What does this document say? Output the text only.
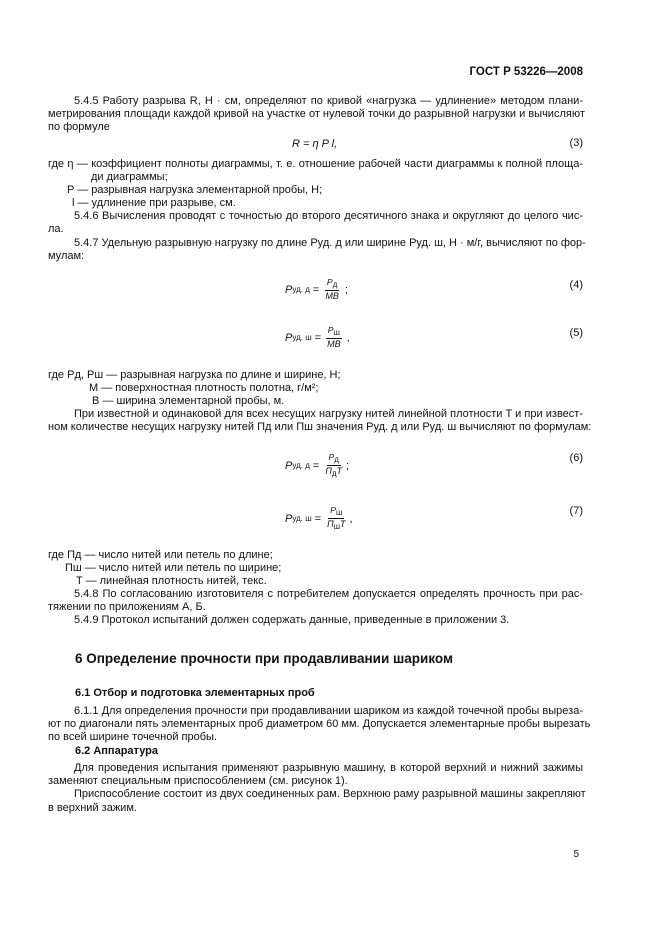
ГОСТ Р 53226—2008
5.4.5 Работу разрыва R, Н · см, определяют по кривой «нагрузка — удлинение» методом плани-
метрирования площади каждой кривой на участке от нулевой точки до разрывной нагрузки и вычисляют
по формуле
R = η P l,	(3)
где η — коэффициент полноты диаграммы, т. е. отношение рабочей части диаграммы к полной площа-
ди диаграммы;
P — разрывная нагрузка элементарной пробы, Н;
l — удлинение при разрыве, см.
5.4.6 Вычисления проводят с точностью до второго десятичного знака и округляют до целого чис-
ла.
5.4.7 Удельную разрывную нагрузку по длине Pуд. д или ширине Pуд. ш, Н · м/г, вычисляют по фор-
мулам:
P уд. $д = \frac{P_д}{MB}$ ;	(4)
P уд. $ш = \frac{P_ш}{MB}$ ,	(5)
где Pд, Pш — разрывная нагрузка по длине и ширине, Н;
M — поверхностная плотность полотна, г/м²;
B — ширина элементарной пробы, м.
При известной и одинаковой для всех несущих нагрузку нитей линейной плотности T и при извест-
ном количестве несущих нагрузку нитей Пд или Пш значения Pуд. д или Pуд. ш вычисляют по формулам:
P уд. $д = \frac{P_д}{П_дT}$ ;
(6)
P уд. $ш = \frac{P_ш}{П_шT}$ ,
(7)
где Пд — число нитей или петель по длине;
Пш — число нитей или петель по ширине;
T — линейная плотность нитей, текс.
5.4.8 По согласованию изготовителя с потребителем допускается определять прочность при рас-
тяжении по приложениям А, Б.
5.4.9 Протокол испытаний должен содержать данные, приведенные в приложении 3.
6 Определение прочности при продавливании шариком
6.1 Отбор и подготовка элементарных проб
6.1.1 Для определения прочности при продавливании шариком из каждой точечной пробы выреза-
ют по диагонали пять элементарных проб диаметром 60 мм. Допускается элементарные пробы вырезать
по всей ширине точечной пробы.
6.2 Аппаратура
Для проведения испытания применяют разрывную машину, в которой верхний и нижний зажимы
заменяют специальным приспособлением (см. рисунок 1).
Приспособление состоит из двух соединенных рам. Верхнюю раму разрывной машины закрепляют
в верхний зажим.
5
